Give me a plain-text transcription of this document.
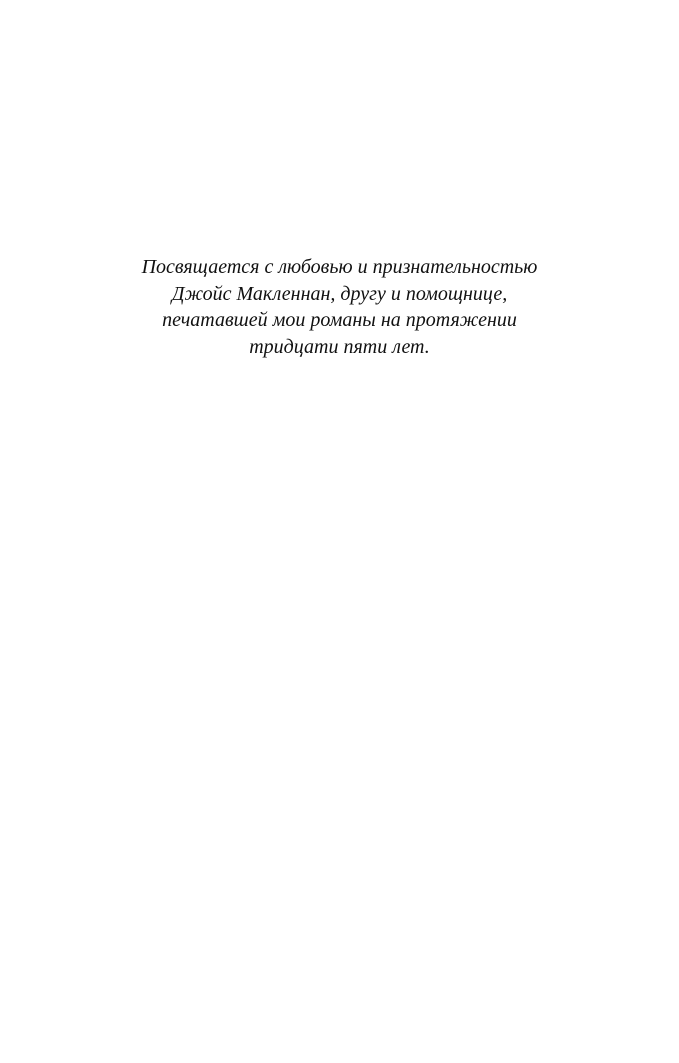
Посвящается с любовью и признательностью
Джойс Макленнан, другу и помощнице,
печатавшей мои романы на протяжении
тридцати пяти лет.
